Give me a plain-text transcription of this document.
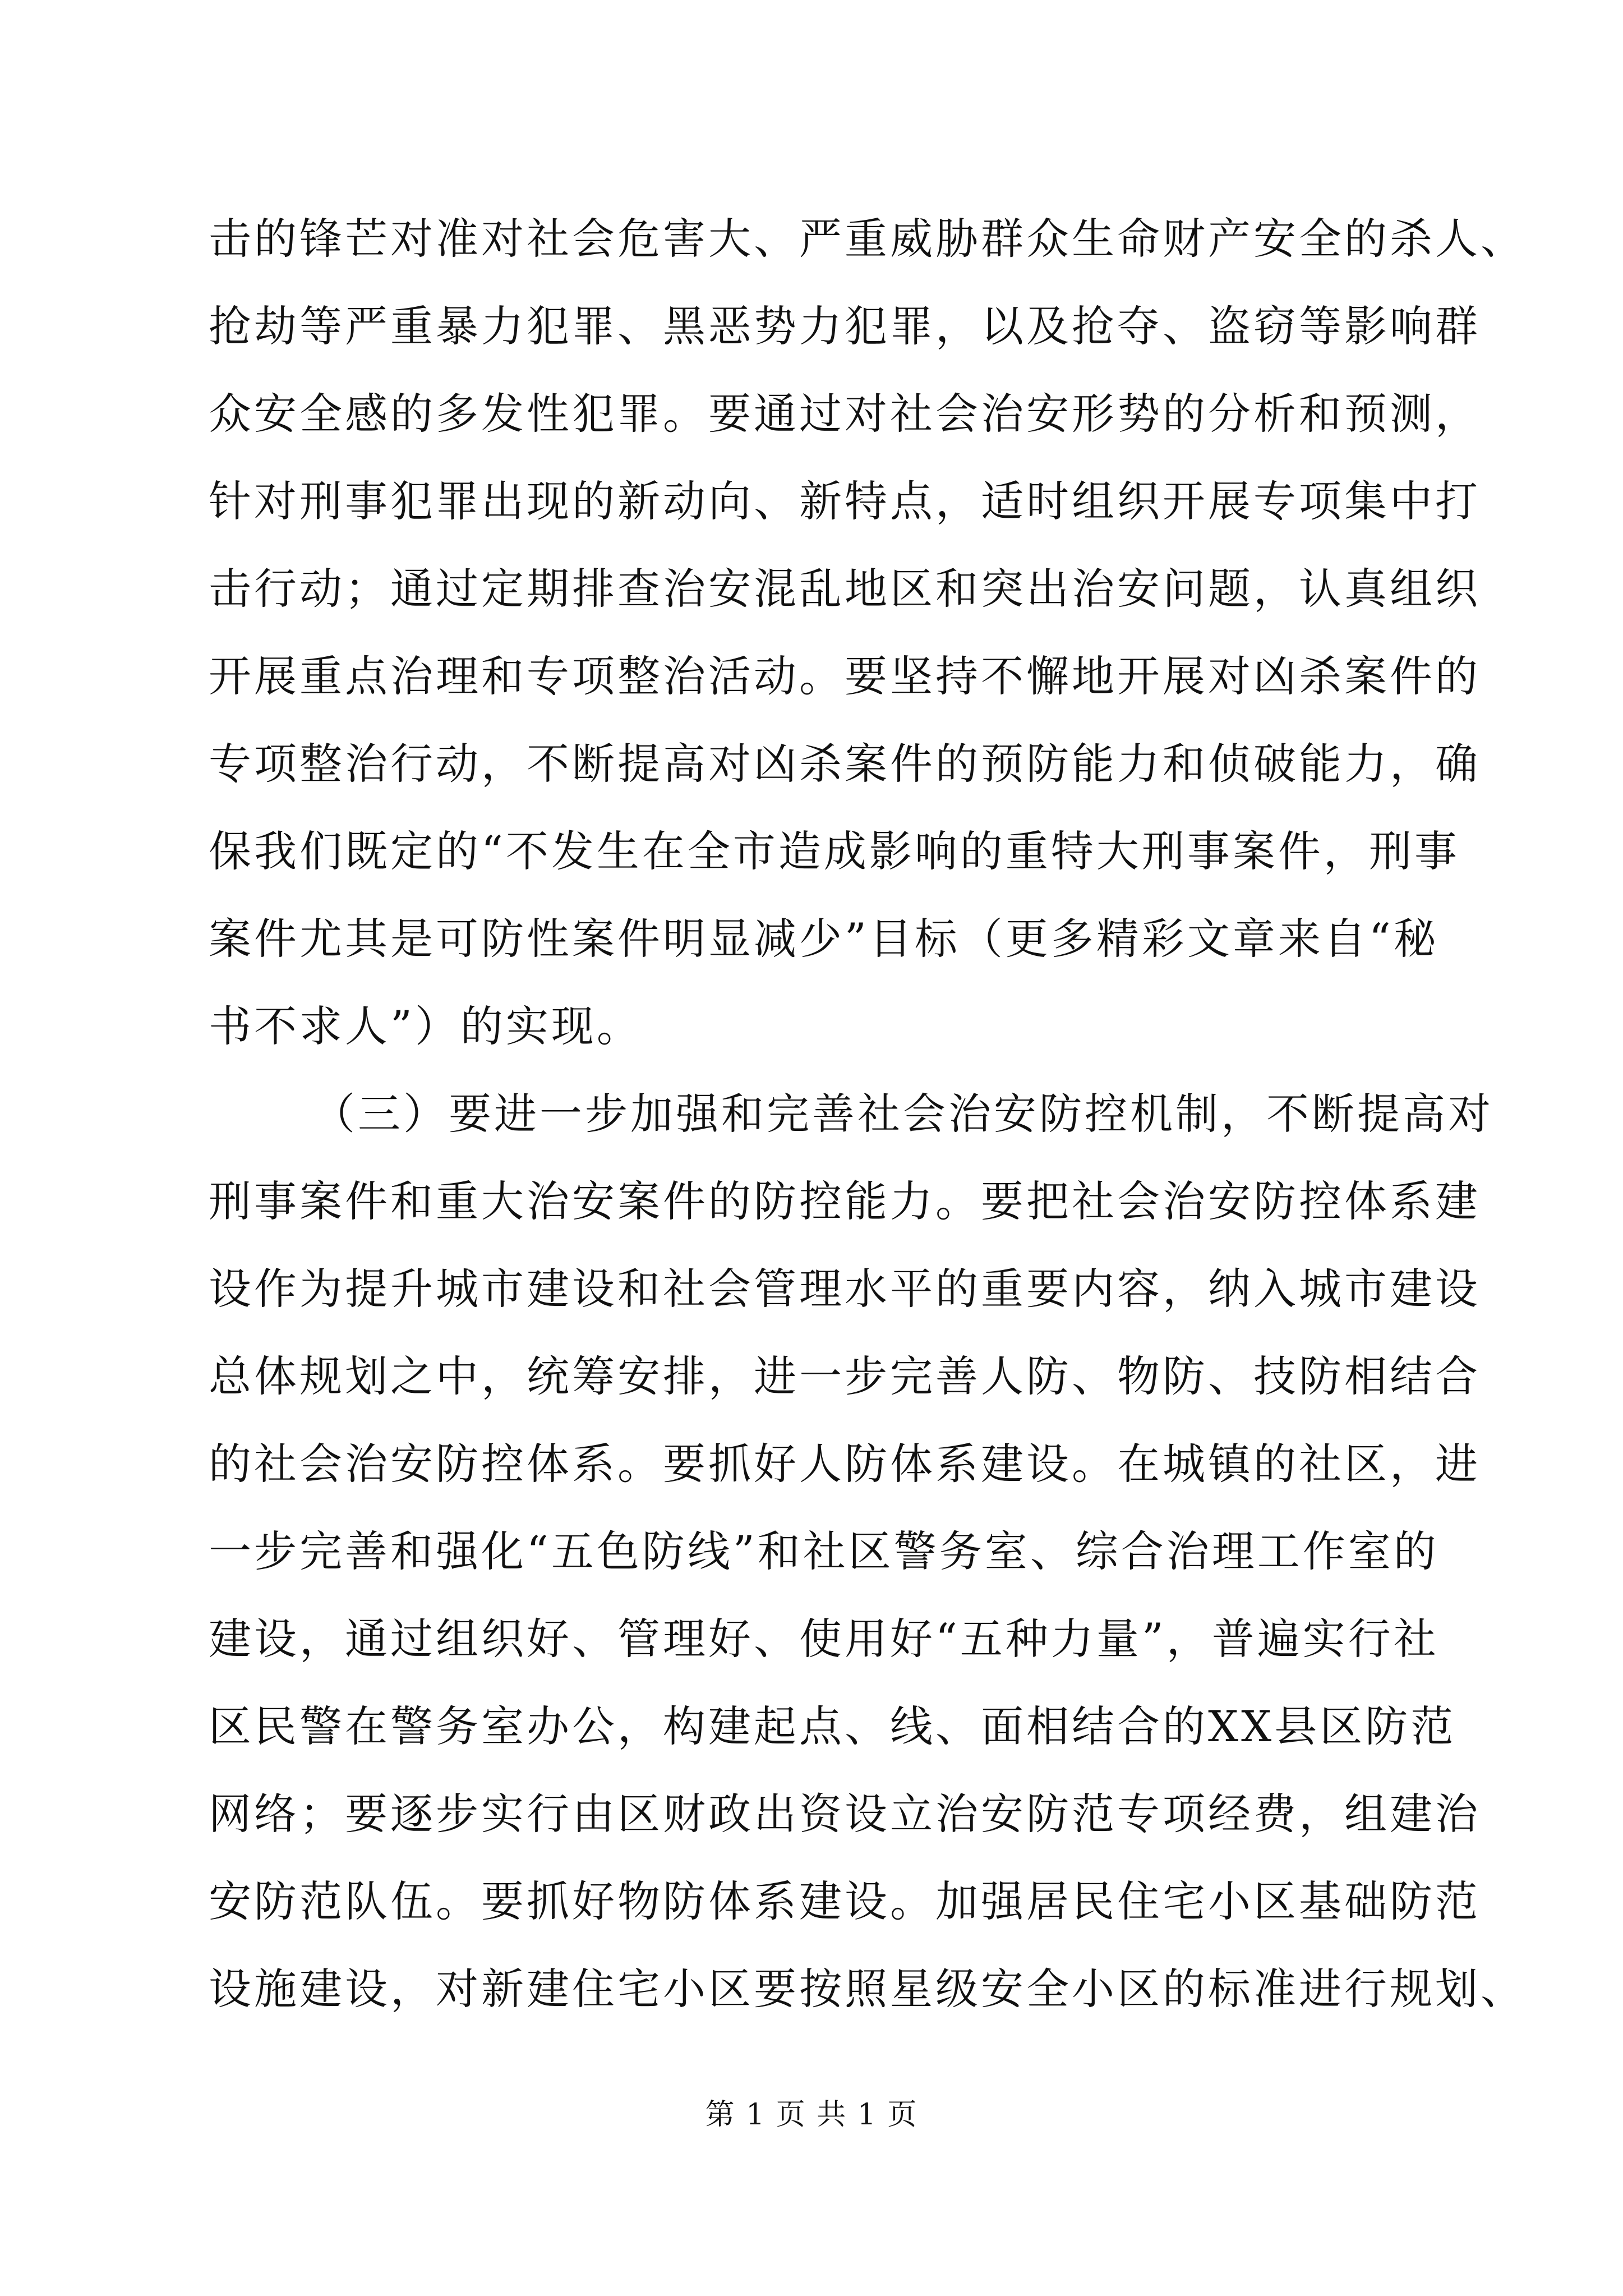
击的锋芒对准对社会危害大、严重威胁群众生命财产安全的杀人、
抢劫等严重暴力犯罪、黑恶势力犯罪，以及抢夺、盗窃等影响群
众安全感的多发性犯罪。要通过对社会治安形势的分析和预测，
针对刑事犯罪出现的新动向、新特点，适时组织开展专项集中打
击行动；通过定期排查治安混乱地区和突出治安问题，认真组织
开展重点治理和专项整治活动。要坚持不懈地开展对凶杀案件的
专项整治行动，不断提高对凶杀案件的预防能力和侦破能力，确
保我们既定的“不发生在全市造成影响的重特大刑事案件，刑事
案件尤其是可防性案件明显减少”目标（更多精彩文章来自“秘
书不求人”）的实现。
（三）要进一步加强和完善社会治安防控机制，不断提高对
刑事案件和重大治安案件的防控能力。要把社会治安防控体系建
设作为提升城市建设和社会管理水平的重要内容，纳入城市建设
总体规划之中，统筹安排，进一步完善人防、物防、技防相结合
的社会治安防控体系。要抓好人防体系建设。在城镇的社区，进
一步完善和强化“五色防线”和社区警务室、综合治理工作室的
建设，通过组织好、管理好、使用好“五种力量”，普遍实行社
区民警在警务室办公，构建起点、线、面相结合的XX县区防范
网络；要逐步实行由区财政出资设立治安防范专项经费，组建治
安防范队伍。要抓好物防体系建设。加强居民住宅小区基础防范
设施建设，对新建住宅小区要按照星级安全小区的标准进行规划、
第 1 页 共 1 页
